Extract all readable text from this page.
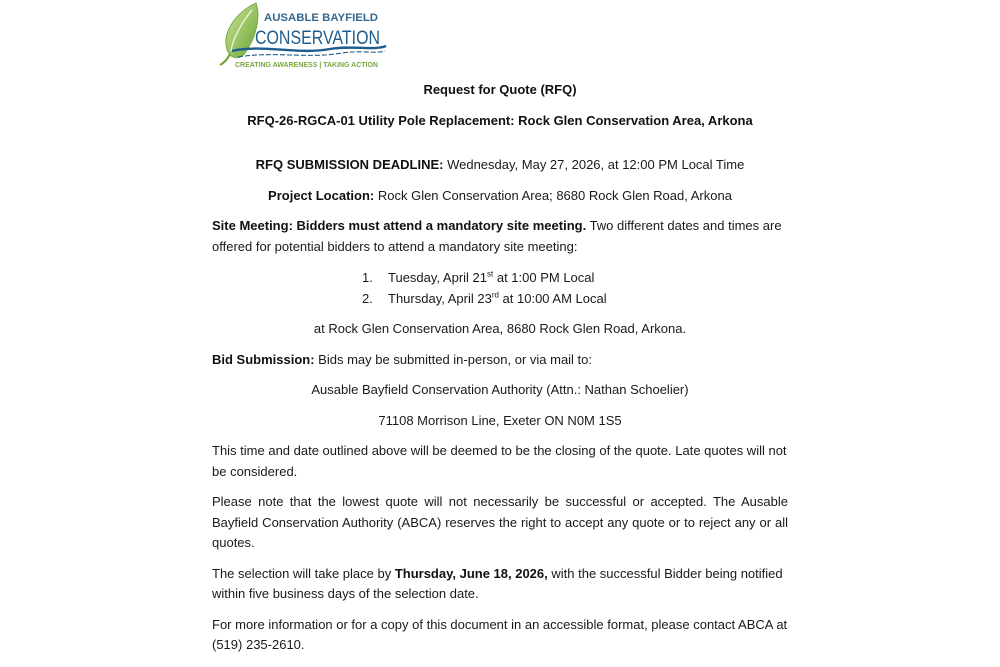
AUSABLE BAYFIELD
CONSERVATION
CREATING AWARENESS | TAKING ACTION
Request for Quote (RFQ)
RFQ-26-RGCA-01 Utility Pole Replacement: Rock Glen Conservation Area, Arkona

RFQ SUBMISSION DEADLINE: Wednesday, May 27, 2026, at 12:00 PM Local Time

Project Location: Rock Glen Conservation Area; 8680 Rock Glen Road, Arkona

Site Meeting: Bidders must attend a mandatory site meeting. Two different dates and times are offered for potential bidders to attend a mandatory site meeting:

1. Tuesday, April 21st at 1:00 PM Local
2. Thursday, April 23rd at 10:00 AM Local

at Rock Glen Conservation Area, 8680 Rock Glen Road, Arkona.

Bid Submission: Bids may be submitted in-person, or via mail to:

Ausable Bayfield Conservation Authority (Attn.: Nathan Schoelier)

71108 Morrison Line, Exeter ON N0M 1S5

This time and date outlined above will be deemed to be the closing of the quote. Late quotes will not be considered.

Please note that the lowest quote will not necessarily be successful or accepted. The Ausable Bayfield Conservation Authority (ABCA) reserves the right to accept any quote or to reject any or all quotes.

The selection will take place by Thursday, June 18, 2026, with the successful Bidder being notified within five business days of the selection date.

For more information or for a copy of this document in an accessible format, please contact ABCA at (519) 235-2610.
